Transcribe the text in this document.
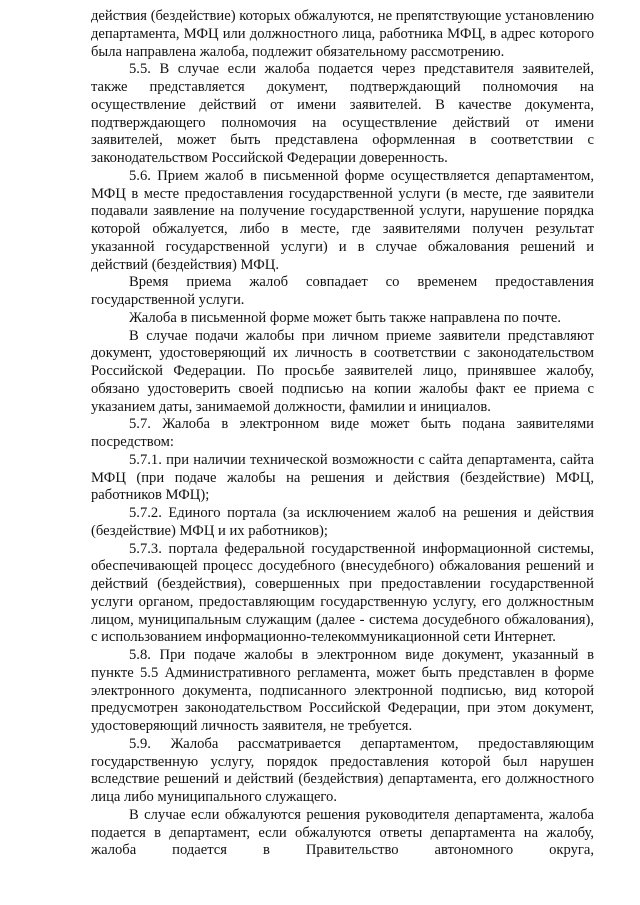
действия (бездействие) которых обжалуются, не препятствующие установлению департамента, МФЦ или должностного лица, работника МФЦ, в адрес которого была направлена жалоба, подлежит обязательному рассмотрению.

5.5. В случае если жалоба подается через представителя заявителей, также представляется документ, подтверждающий полномочия на осуществление действий от имени заявителей. В качестве документа, подтверждающего полномочия на осуществление действий от имени заявителей, может быть представлена оформленная в соответствии с законодательством Российской Федерации доверенность.

5.6. Прием жалоб в письменной форме осуществляется департаментом, МФЦ в месте предоставления государственной услуги (в месте, где заявители подавали заявление на получение государственной услуги, нарушение порядка которой обжалуется, либо в месте, где заявителями получен результат указанной государственной услуги) и в случае обжалования решений и действий (бездействия) МФЦ.

Время приема жалоб совпадает со временем предоставления государственной услуги.

Жалоба в письменной форме может быть также направлена по почте.

В случае подачи жалобы при личном приеме заявители представляют документ, удостоверяющий их личность в соответствии с законодательством Российской Федерации. По просьбе заявителей лицо, принявшее жалобу, обязано удостоверить своей подписью на копии жалобы факт ее приема с указанием даты, занимаемой должности, фамилии и инициалов.

5.7. Жалоба в электронном виде может быть подана заявителями посредством:

5.7.1. при наличии технической возможности с сайта департамента, сайта МФЦ (при подаче жалобы на решения и действия (бездействие) МФЦ, работников МФЦ);

5.7.2. Единого портала (за исключением жалоб на решения и действия (бездействие) МФЦ и их работников);

5.7.3. портала федеральной государственной информационной системы, обеспечивающей процесс досудебного (внесудебного) обжалования решений и действий (бездействия), совершенных при предоставлении государственной услуги органом, предоставляющим государственную услугу, его должностным лицом, муниципальным служащим (далее - система досудебного обжалования), с использованием информационно-телекоммуникационной сети Интернет.

5.8. При подаче жалобы в электронном виде документ, указанный в пункте 5.5 Административного регламента, может быть представлен в форме электронного документа, подписанного электронной подписью, вид которой предусмотрен законодательством Российской Федерации, при этом документ, удостоверяющий личность заявителя, не требуется.

5.9. Жалоба рассматривается департаментом, предоставляющим государственную услугу, порядок предоставления которой был нарушен вследствие решений и действий (бездействия) департамента, его должностного лица либо муниципального служащего.

В случае если обжалуются решения руководителя департамента, жалоба подается в департамент, если обжалуются ответы департамента на жалобу, жалоба подается в Правительство автономного округа,
